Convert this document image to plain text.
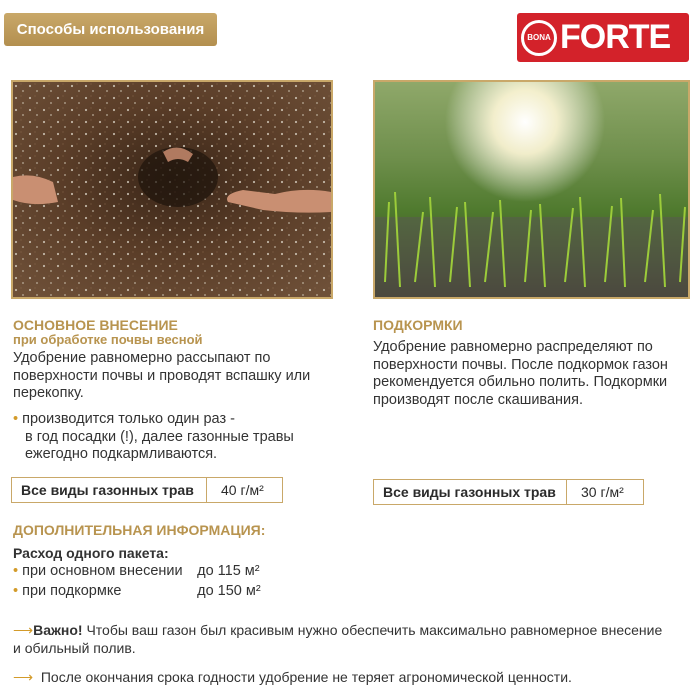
Способы использования	BONA FORTE
ОСНОВНОЕ ВНЕСЕНИЕ
при обработке почвы весной
Удобрение равномерно рассыпают по
поверхности почвы и проводят вспашку или
перекопку.
• производится только один раз -
в год посадки (!), далее газонные травы
ежегодно подкармливаются.
Все виды газонных трав	40 г/м²
ПОДКОРМКИ
Удобрение равномерно распределяют по
поверхности почвы. После подкормок газон
рекомендуется обильно полить. Подкормки
производят после скашивания.
Все виды газонных трав	30 г/м²
ДОПОЛНИТЕЛЬНАЯ ИНФОРМАЦИЯ:
Расход одного пакета:
• при основном внесении	до 115 м²
• при подкормке	до 150 м²
⟶Важно! Чтобы ваш газон был красивым нужно обеспечить максимально равномерное внесение
и обильный полив.
⟶  После окончания срока годности удобрение не теряет агрономической ценности.
